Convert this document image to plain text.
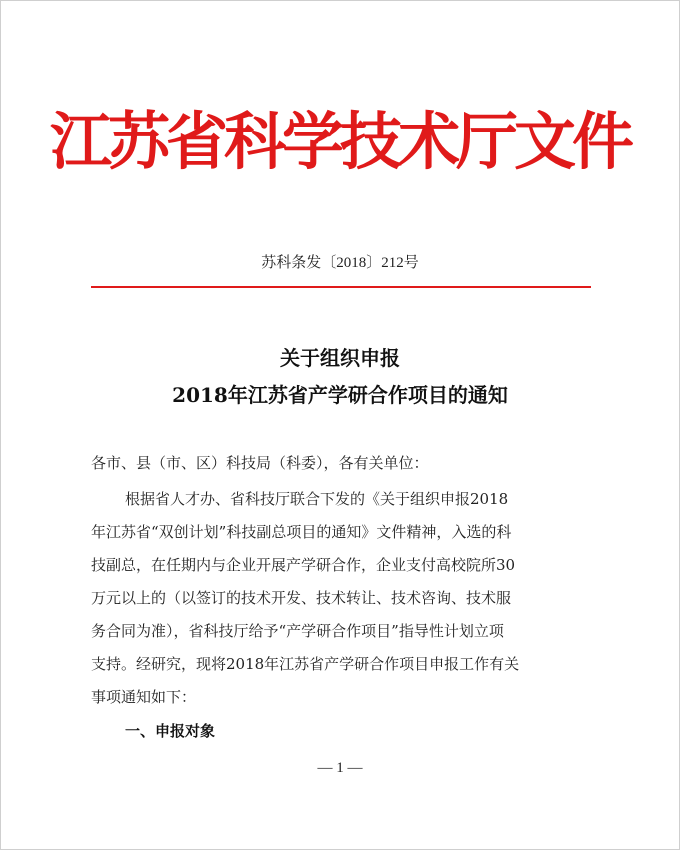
江苏省科学技术厅文件
苏科条发〔2018〕212号
关于组织申报
2018年江苏省产学研合作项目的通知
各市、县（市、区）科技局（科委），各有关单位：
根据省人才办、省科技厅联合下发的《关于组织申报2018
年江苏省“双创计划”科技副总项目的通知》文件精神，入选的科
技副总，在任期内与企业开展产学研合作，企业支付高校院所30
万元以上的（以签订的技术开发、技术转让、技术咨询、技术服
务合同为准），省科技厅给予“产学研合作项目”指导性计划立项
支持。经研究，现将2018年江苏省产学研合作项目申报工作有关
事项通知如下：
一、申报对象
— 1 —
